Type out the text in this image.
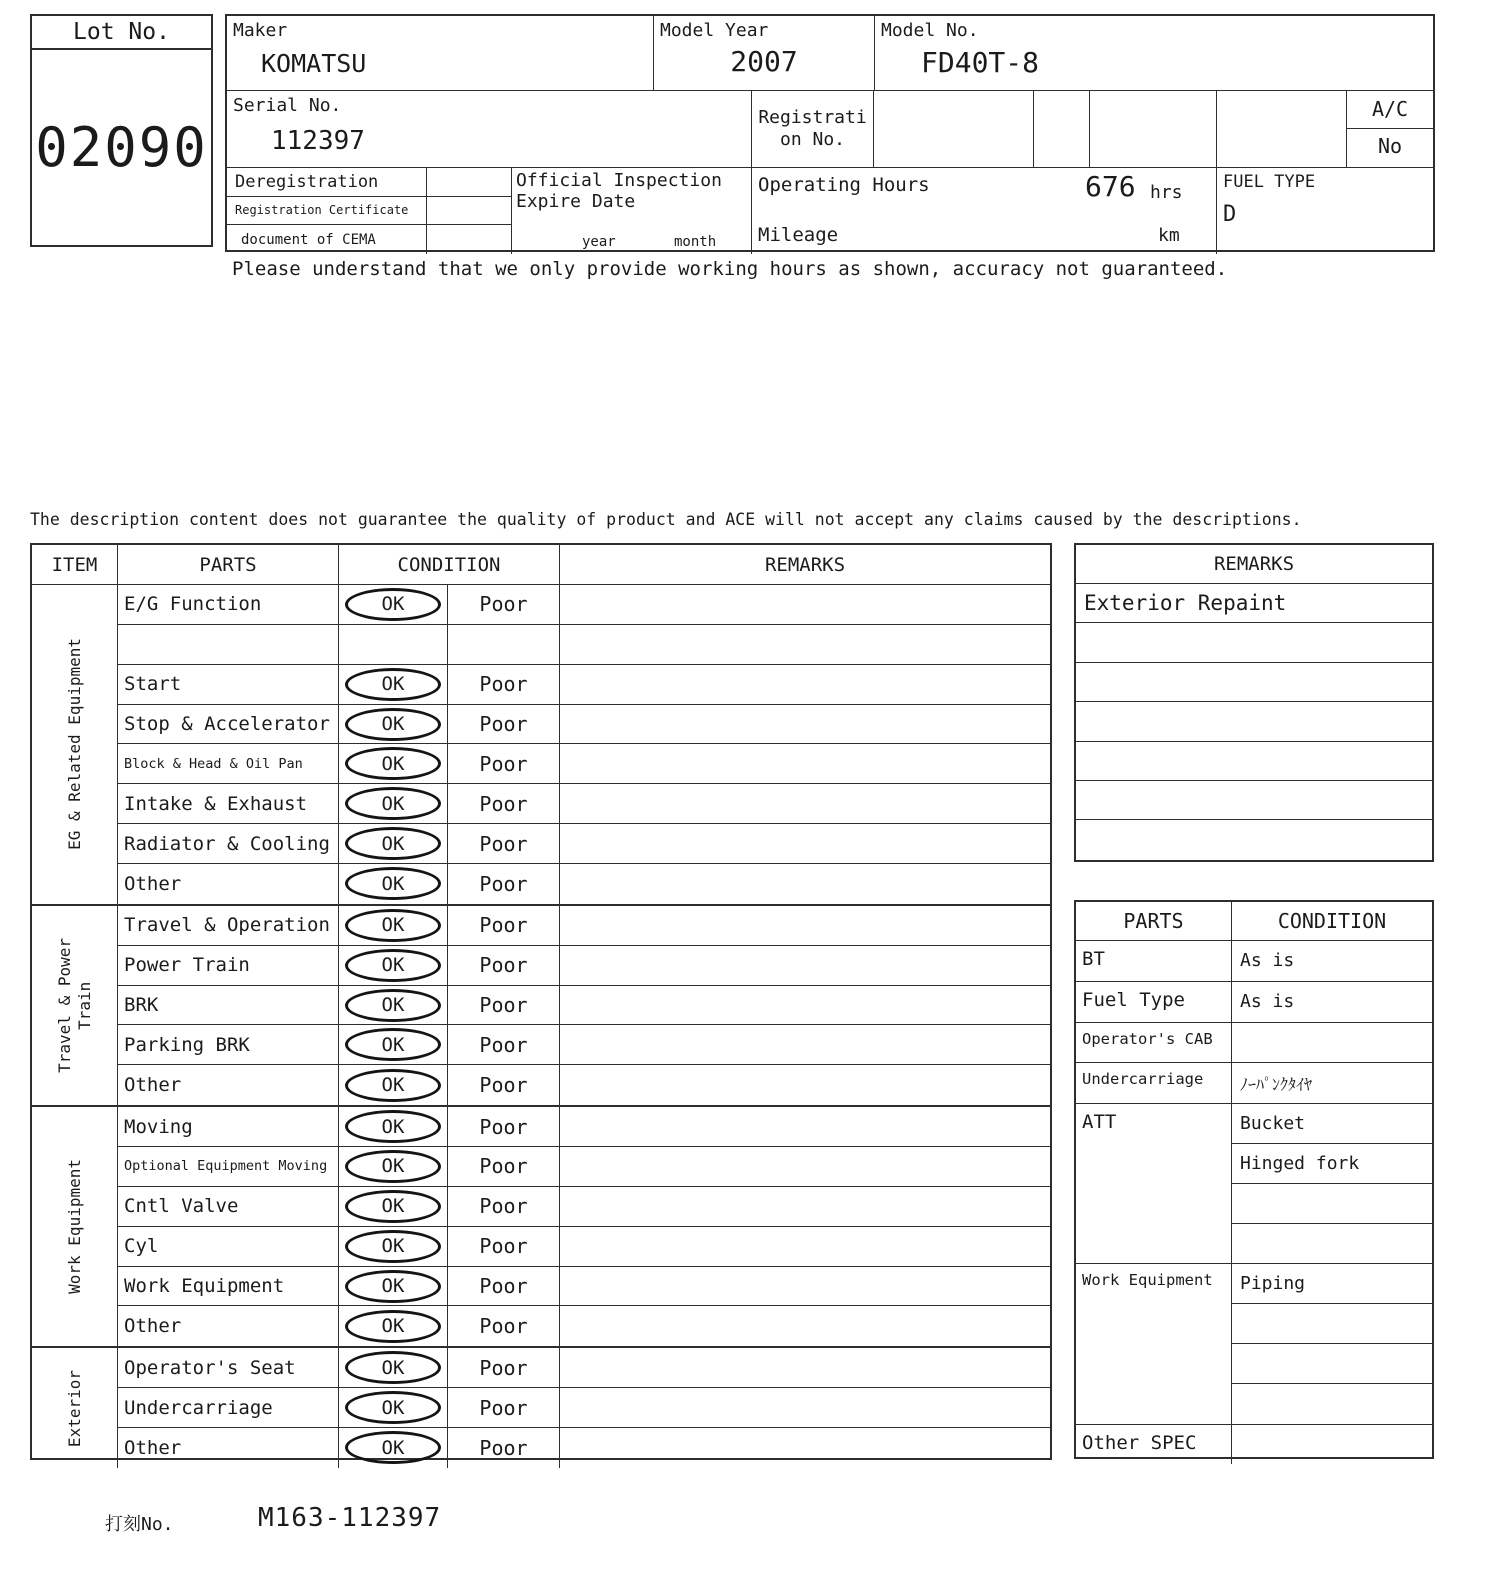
Lot No.
02090
Maker
KOMATSU
Model Year
2007
Model No.
FD40T-8
Serial No.
112397
Registrati
on No.
A/C
No
Deregistration
Registration Certificate
document of CEMA
Official Inspection
Expire Date
year	month
Operating Hours	676 hrs
Mileage	km
FUEL TYPE
D
Please understand that we only provide working hours as shown, accuracy not guaranteed.
The description content does not guarantee the quality of product and ACE will not accept any claims caused by the descriptions.
ITEM	PARTS	CONDITION	REMARKS
EG & Related Equipment
E/G Function	OK	Poor
Start	OK	Poor
Stop & Accelerator	OK	Poor
Block & Head & Oil Pan	OK	Poor
Intake & Exhaust	OK	Poor
Radiator & Cooling	OK	Poor
Other	OK	Poor
Travel & Power Train
Travel & Operation	OK	Poor
Power Train	OK	Poor
BRK	OK	Poor
Parking BRK	OK	Poor
Other	OK	Poor
Work Equipment
Moving	OK	Poor
Optional Equipment Moving	OK	Poor
Cntl Valve	OK	Poor
Cyl	OK	Poor
Work Equipment	OK	Poor
Other	OK	Poor
Exterior
Operator's Seat	OK	Poor
Undercarriage	OK	Poor
Other	OK	Poor
REMARKS
Exterior Repaint
PARTS	CONDITION
BT	As is
Fuel Type	As is
Operator's CAB
Undercarriage	ﾉｰﾊﾟﾝｸﾀｲﾔ
ATT	Bucket
Hinged fork
Work Equipment	Piping
Other SPEC
打刻No.	M163-112397
